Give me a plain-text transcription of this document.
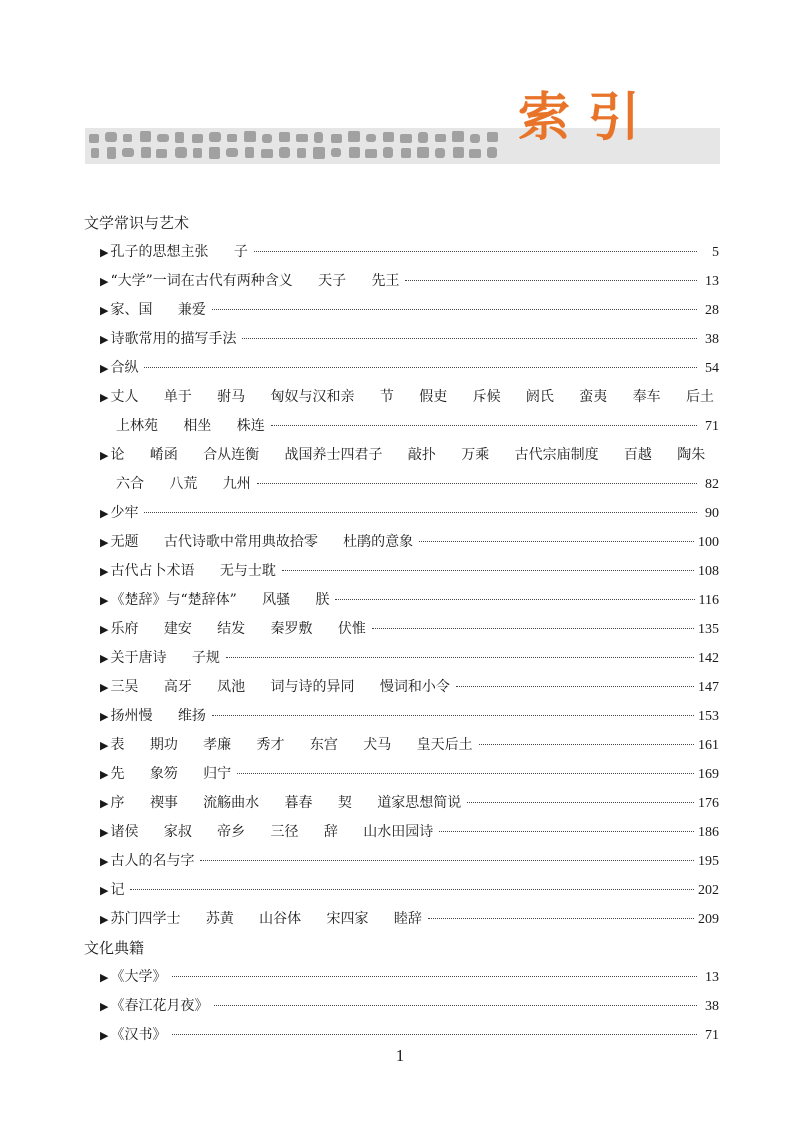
索引
文学常识与艺术
▶ 孔子的思想主张   子	5
▶ “大学”一词在古代有两种含义   天子   先王	13
▶ 家、国   兼爱	28
▶ 诗歌常用的描写手法	38
▶ 合纵	54
▶ 丈人   单于   驸马   匈奴与汉和亲   节   假吏   斥候   阏氏   蛮夷   奉车   后土
上林苑   相坐   株连	71
▶ 论   崤函   合从连衡   战国养士四君子   敲扑   万乘   古代宗庙制度   百越   陶朱
六合   八荒   九州	82
▶ 少牢	90
▶ 无题   古代诗歌中常用典故拾零   杜鹃的意象	100
▶ 古代占卜术语   无与士耽	108
▶ 《楚辞》与“楚辞体”   风骚   朕	116
▶ 乐府   建安   结发   秦罗敷   伏惟	135
▶ 关于唐诗   子规	142
▶ 三吴   高牙   凤池   词与诗的异同   慢词和小令	147
▶ 扬州慢   维扬	153
▶ 表   期功   孝廉   秀才   东宫   犬马   皇天后土	161
▶ 先   象笏   归宁	169
▶ 序   禊事   流觞曲水   暮春   契   道家思想简说	176
▶ 诸侯   家叔   帝乡   三径   辞   山水田园诗	186
▶ 古人的名与字	195
▶ 记	202
▶ 苏门四学士   苏黄   山谷体   宋四家   睦辞	209
文化典籍
▶ 《大学》	13
▶ 《春江花月夜》	38
▶ 《汉书》	71
1
